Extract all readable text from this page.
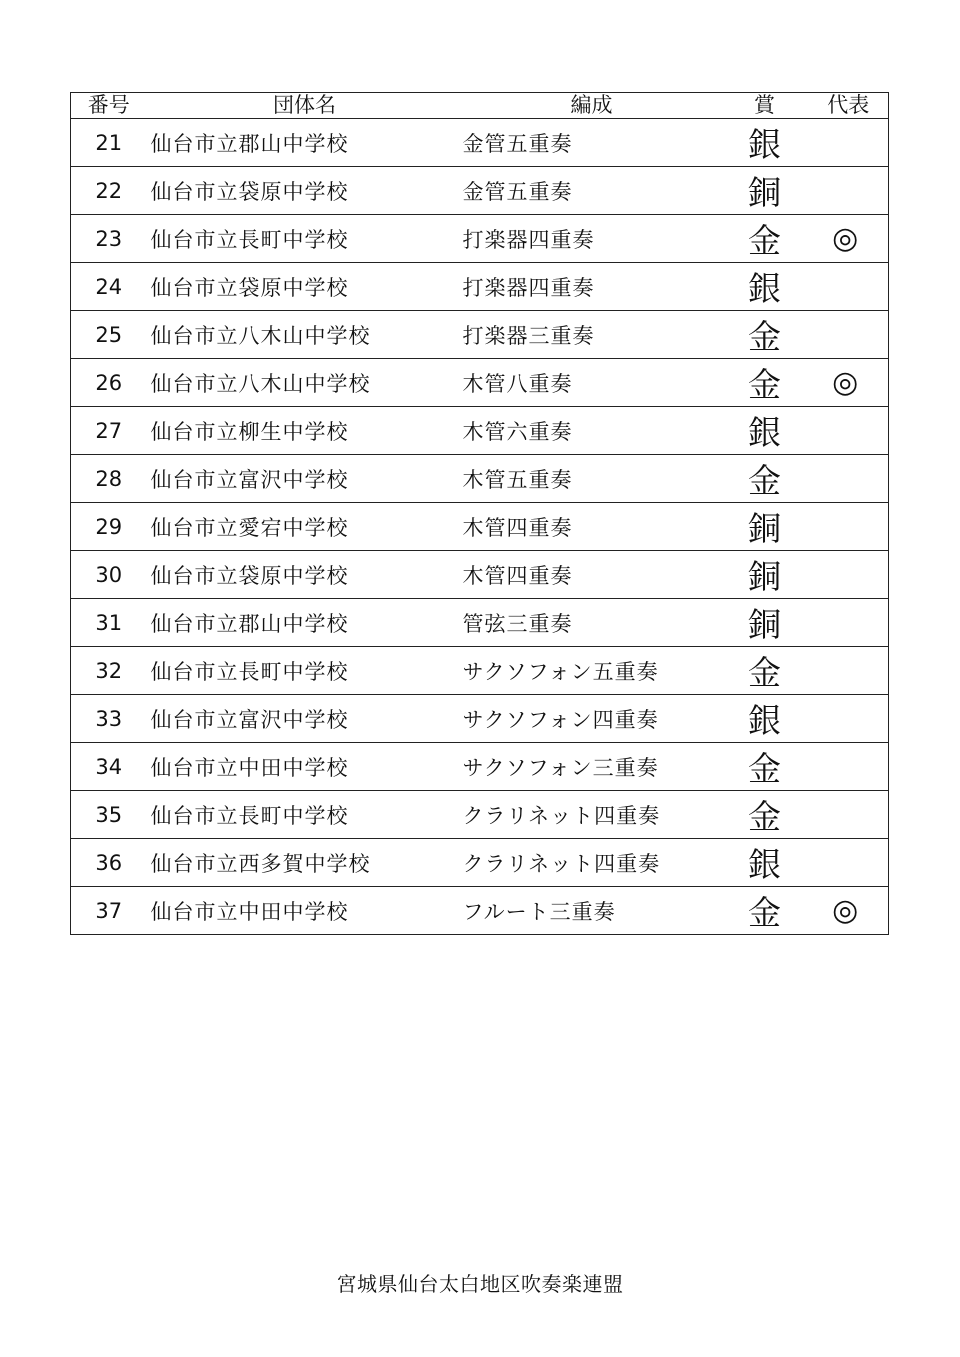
番号	団体名	編成	賞	代表
21	仙台市立郡山中学校	金管五重奏	銀	
22	仙台市立袋原中学校	金管五重奏	銅	
23	仙台市立長町中学校	打楽器四重奏	金	◎
24	仙台市立袋原中学校	打楽器四重奏	銀	
25	仙台市立八木山中学校	打楽器三重奏	金	
26	仙台市立八木山中学校	木管八重奏	金	◎
27	仙台市立柳生中学校	木管六重奏	銀	
28	仙台市立富沢中学校	木管五重奏	金	
29	仙台市立愛宕中学校	木管四重奏	銅	
30	仙台市立袋原中学校	木管四重奏	銅	
31	仙台市立郡山中学校	管弦三重奏	銅	
32	仙台市立長町中学校	サクソフォン五重奏	金	
33	仙台市立富沢中学校	サクソフォン四重奏	銀	
34	仙台市立中田中学校	サクソフォン三重奏	金	
35	仙台市立長町中学校	クラリネット四重奏	金	
36	仙台市立西多賀中学校	クラリネット四重奏	銀	
37	仙台市立中田中学校	フルート三重奏	金	◎
宮城県仙台太白地区吹奏楽連盟
